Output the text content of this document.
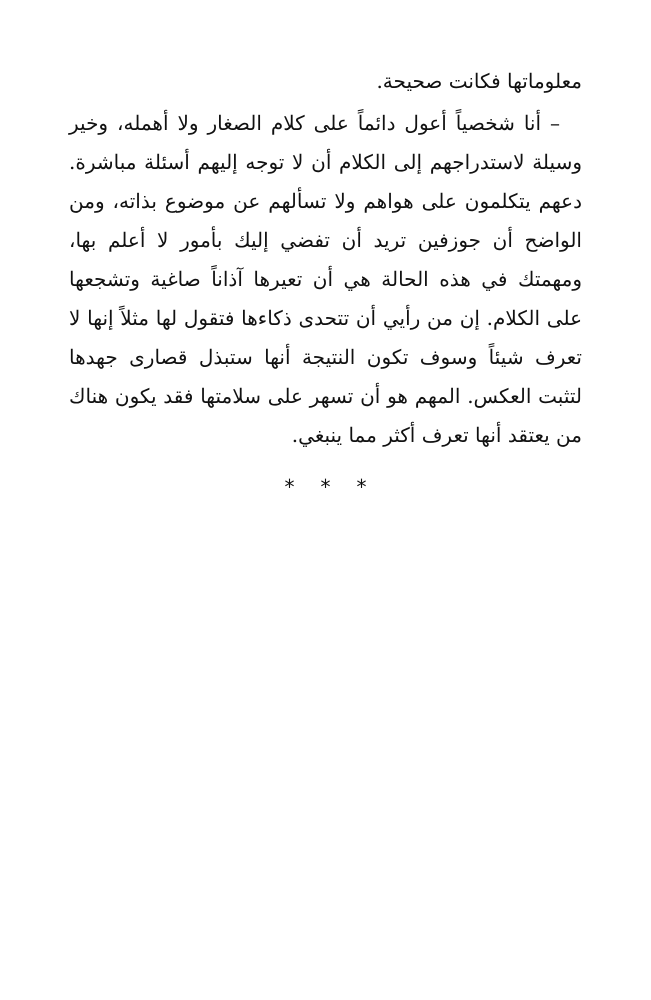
معلوماتها فكانت صحيحة.

– أنا شخصياً أعول دائماً على كلام الصغار ولا أهمله، وخير وسيلة لاستدراجهم إلى الكلام أن لا توجه إليهم أسئلة مباشرة. دعهم يتكلمون على هواهم ولا تسألهم عن موضوع بذاته، ومن الواضح أن جوزفين تريد أن تفضي إليك بأمور لا أعلم بها، ومهمتك في هذه الحالة هي أن تعيرها آذاناً صاغية وتشجعها على الكلام. إن من رأيي أن تتحدى ذكاءها فتقول لها مثلاً إنها لا تعرف شيئاً وسوف تكون النتيجة أنها ستبذل قصارى جهدها لتثبت العكس. المهم هو أن تسهر على سلامتها فقد يكون هناك من يعتقد أنها تعرف أكثر مما ينبغي.

* * *
